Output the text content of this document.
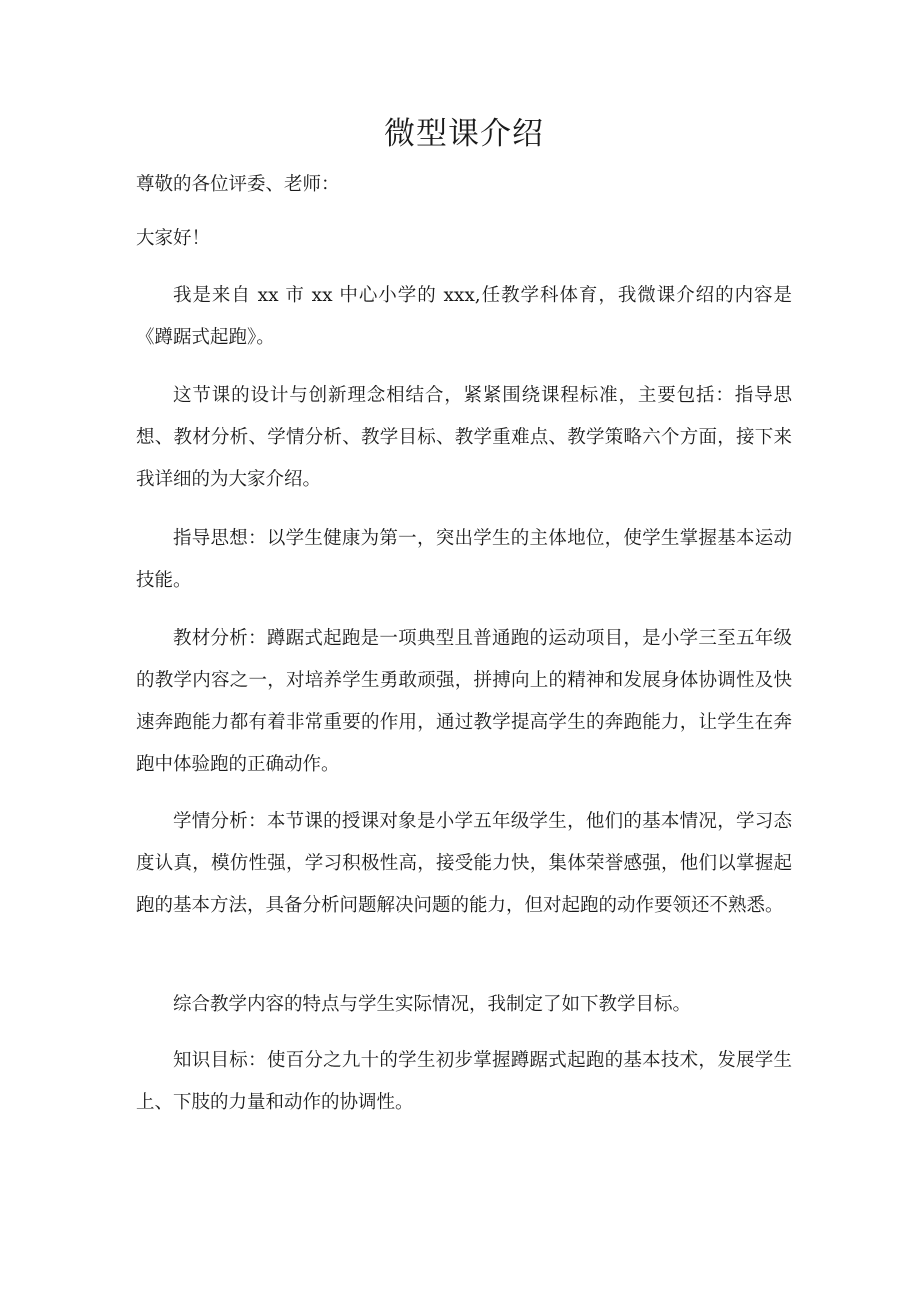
微型课介绍

尊敬的各位评委、老师：

大家好！

我是来自 xx 市 xx 中心小学的 xxx,任教学科体育，我微课介绍的内容是《蹲踞式起跑》。

这节课的设计与创新理念相结合，紧紧围绕课程标准，主要包括：指导思想、教材分析、学情分析、教学目标、教学重难点、教学策略六个方面，接下来我详细的为大家介绍。

指导思想：以学生健康为第一，突出学生的主体地位，使学生掌握基本运动技能。

教材分析：蹲踞式起跑是一项典型且普通跑的运动项目，是小学三至五年级的教学内容之一，对培养学生勇敢顽强，拼搏向上的精神和发展身体协调性及快速奔跑能力都有着非常重要的作用，通过教学提高学生的奔跑能力，让学生在奔跑中体验跑的正确动作。

学情分析：本节课的授课对象是小学五年级学生，他们的基本情况，学习态度认真，模仿性强，学习积极性高，接受能力快，集体荣誉感强，他们以掌握起跑的基本方法，具备分析问题解决问题的能力，但对起跑的动作要领还不熟悉。

综合教学内容的特点与学生实际情况，我制定了如下教学目标。

知识目标：使百分之九十的学生初步掌握蹲踞式起跑的基本技术，发展学生上、下肢的力量和动作的协调性。
